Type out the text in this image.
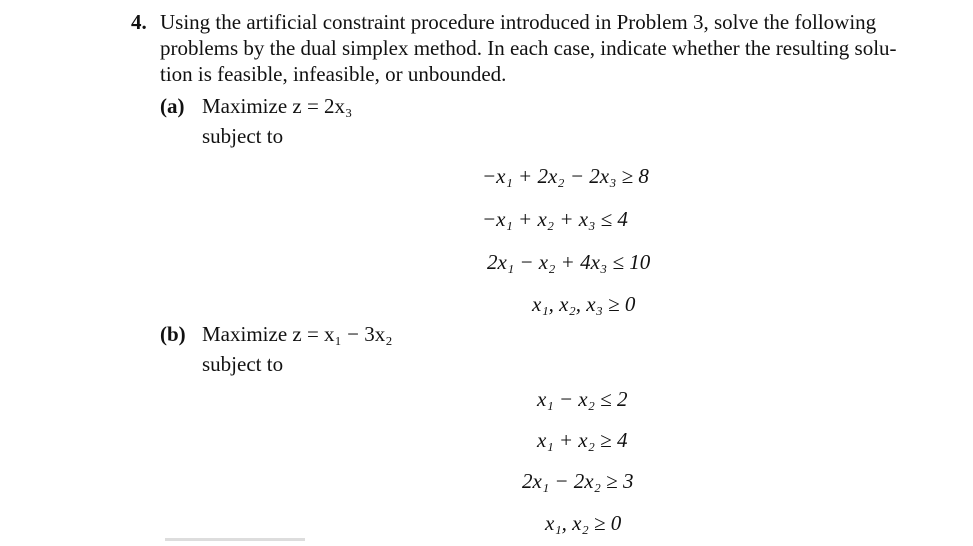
4. Using the artificial constraint procedure introduced in Problem 3, solve the following
problems by the dual simplex method. In each case, indicate whether the resulting solu-
tion is feasible, infeasible, or unbounded.
(a) Maximize z = 2x₃
subject to
−x₁ + 2x₂ − 2x₃ ≥ 8
−x₁ + x₂ + x₃ ≤ 4
2x₁ − x₂ + 4x₃ ≤ 10
x₁, x₂, x₃ ≥ 0
(b) Maximize z = x₁ − 3x₂
subject to
x₁ − x₂ ≤ 2
x₁ + x₂ ≥ 4
2x₁ − 2x₂ ≥ 3
x₁, x₂ ≥ 0
